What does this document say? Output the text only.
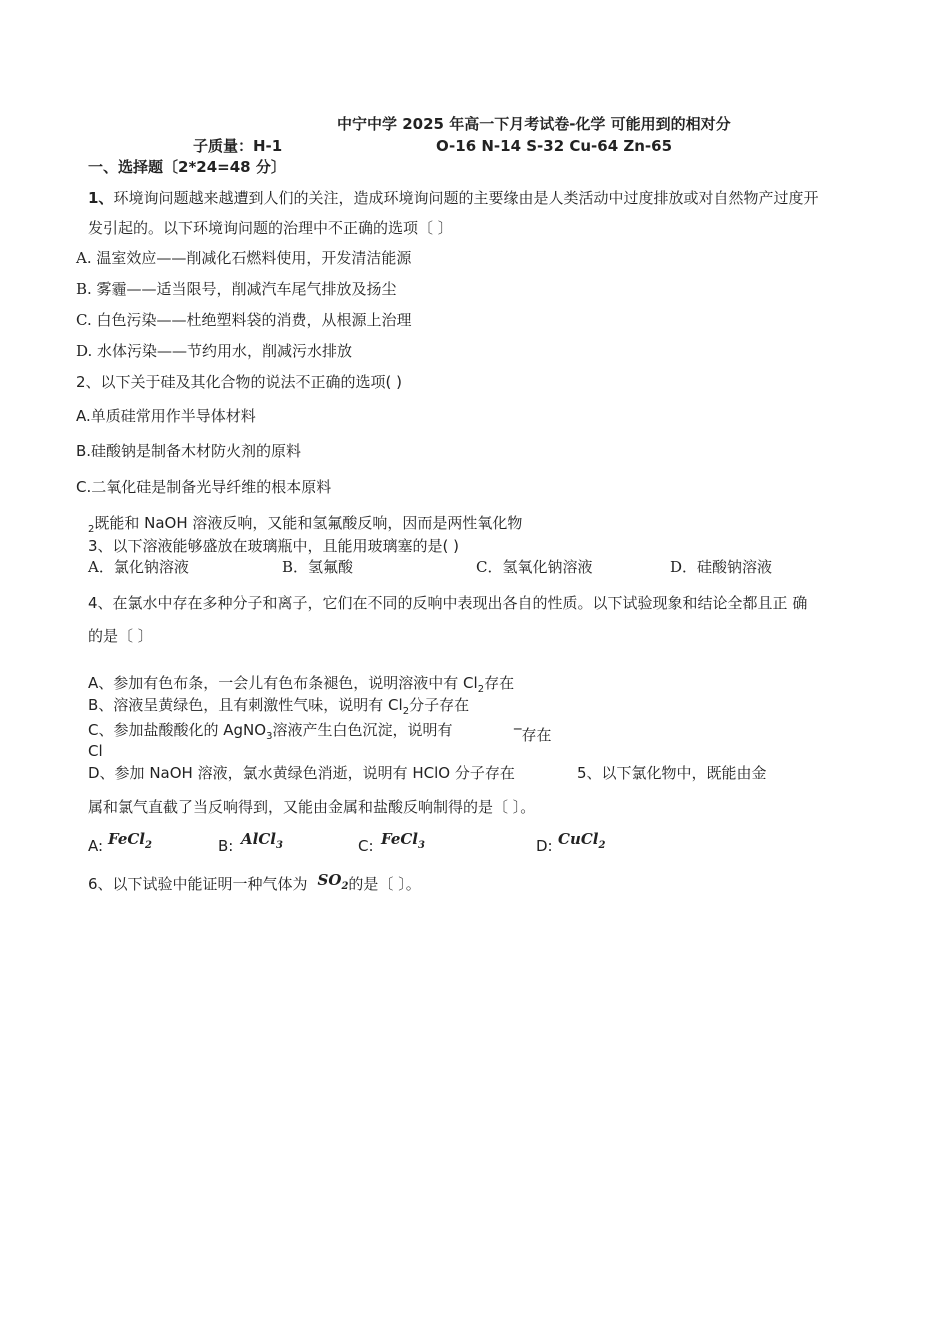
中宁中学 2025 年高一下月考试卷-化学 可能用到的相对分
子质量：H-1	O-16 N-14 S-32 Cu-64 Zn-65
一、选择题〔2*24=48 分〕
1、环境询问题越来越遭到人们的关注，造成环境询问题的主要缘由是人类活动中过度排放或对自然物产过度开
发引起的。以下环境询问题的治理中不正确的选项〔 〕
A. 温室效应——削减化石燃料使用，开发清洁能源
B. 雾霾——适当限号，削减汽车尾气排放及扬尘
C. 白色污染——杜绝塑料袋的消费，从根源上治理
D. 水体污染——节约用水，削减污水排放
2、以下关于硅及其化合物的说法不正确的选项( )
A.单质硅常用作半导体材料
B.硅酸钠是制备木材防火剂的原料
C.二氧化硅是制备光导纤维的根本原料
$_2$既能和 NaOH 溶液反响，又能和氢氟酸反响，因而是两性氧化物
3、以下溶液能够盛放在玻璃瓶中，且能用玻璃塞的是( )
A．氯化钠溶液	B．氢氟酸	C．氢氧化钠溶液	D．硅酸钠溶液
4、在氯水中存在多种分子和离子，它们在不同的反响中表现出各自的性质。以下试验现象和结论全都且正 确
的是〔 〕
A、参加有色布条，一会儿有色布条褪色，说明溶液中有 $Cl_2$存在
B、溶液呈黄绿色，且有刺激性气味，说明有 $Cl_2$分子存在
C、参加盐酸酸化的 AgNO$_3$溶液产生白色沉淀，说明有	‾存在
Cl
D、参加 NaOH 溶液，氯水黄绿色消逝，说明有 HClO 分子存在	5、以下氯化物中，既能由金
属和氯气直截了当反响得到，又能由金属和盐酸反响制得的是〔 〕。
A: FeCl$_2$	B: AlCl$_3$	C: FeCl$_3$	D: CuCl$_2$
6、以下试验中能证明一种气体为 $SO_2$的是〔 〕。
